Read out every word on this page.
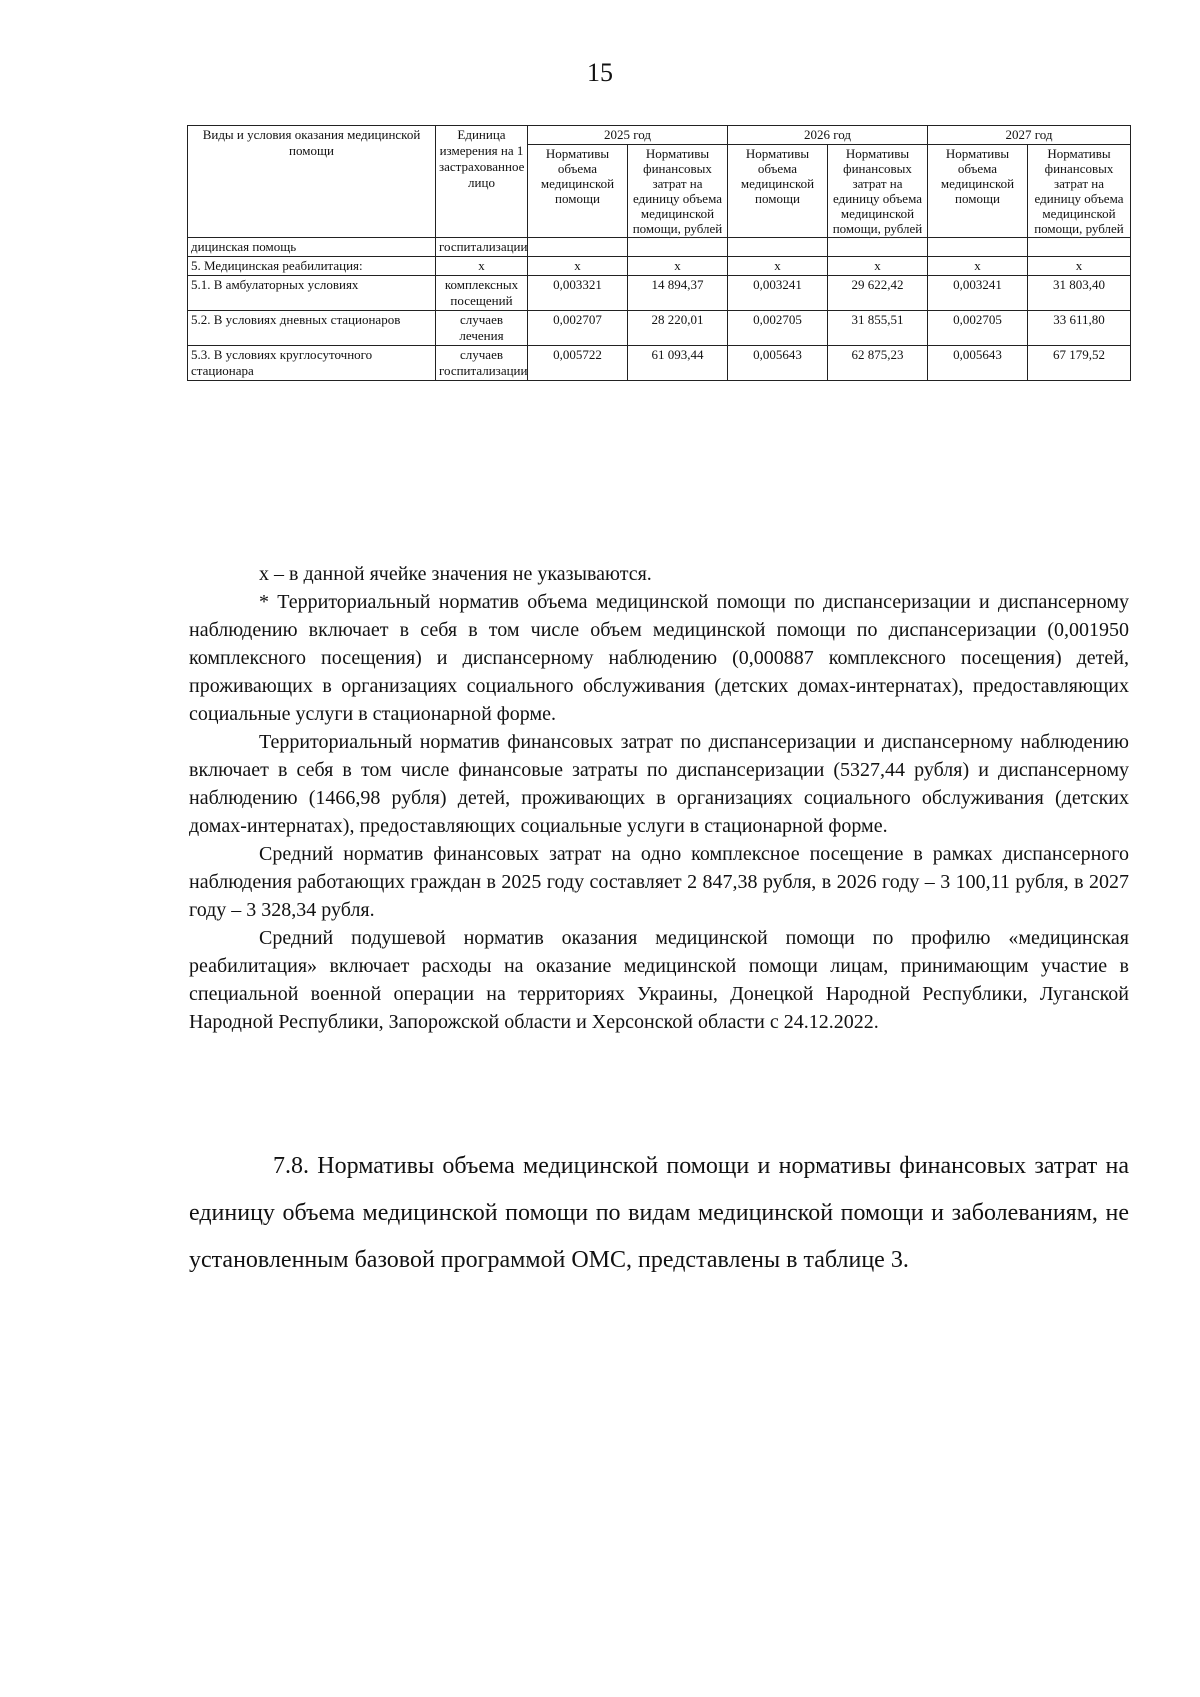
15
Виды и условия оказания медицинской помощи	Единица измерения на 1 застрахованное лицо	2025 год		2026 год		2027 год	
		Нормативы объема медицинской помощи	Нормативы финансовых затрат на единицу объема медицинской помощи, рублей	Нормативы объема медицинской помощи	Нормативы финансовых затрат на единицу объема медицинской помощи, рублей	Нормативы объема медицинской помощи	Нормативы финансовых затрат на единицу объема медицинской помощи, рублей
дицинская помощь	госпитализации						
5. Медицинская реабилитация:	x	x	x	x	x	x	x
5.1. В амбулаторных условиях	комплексных посещений	0,003321	14 894,37	0,003241	29 622,42	0,003241	31 803,40
5.2. В условиях дневных стационаров	случаев лечения	0,002707	28 220,01	0,002705	31 855,51	0,002705	33 611,80
5.3. В условиях круглосуточного стационара	случаев госпитализации	0,005722	61 093,44	0,005643	62 875,23	0,005643	67 179,52

х – в данной ячейке значения не указываются.

* Территориальный норматив объема медицинской помощи по диспансеризации и диспансерному наблюдению включает в себя в том числе объем медицинской помощи по диспансеризации (0,001950 комплексного посещения) и диспансерному наблюдению (0,000887 комплексного посещения) детей, проживающих в организациях социального обслуживания (детских домах-интернатах), предоставляющих социальные услуги в стационарной форме.

Территориальный норматив финансовых затрат по диспансеризации и диспансерному наблюдению включает в себя в том числе финансовые затраты по диспансеризации (5327,44 рубля) и диспансерному наблюдению (1466,98 рубля) детей, проживающих в организациях социального обслуживания (детских домах-интернатах), предоставляющих социальные услуги в стационарной форме.

Средний норматив финансовых затрат на одно комплексное посещение в рамках диспансерного наблюдения работающих граждан в 2025 году составляет 2 847,38 рубля, в 2026 году – 3 100,11 рубля, в 2027 году – 3 328,34 рубля.

Средний подушевой норматив оказания медицинской помощи по профилю «медицинская реабилитация» включает расходы на оказание медицинской помощи лицам, принимающим участие в специальной военной операции на территориях Украины, Донецкой Народной Республики, Луганской Народной Республики, Запорожской области и Херсонской области с 24.12.2022.

7.8. Нормативы объема медицинской помощи и нормативы финансовых затрат на единицу объема медицинской помощи по видам медицинской помощи и заболеваниям, не установленным базовой программой ОМС, представлены в таблице 3.
